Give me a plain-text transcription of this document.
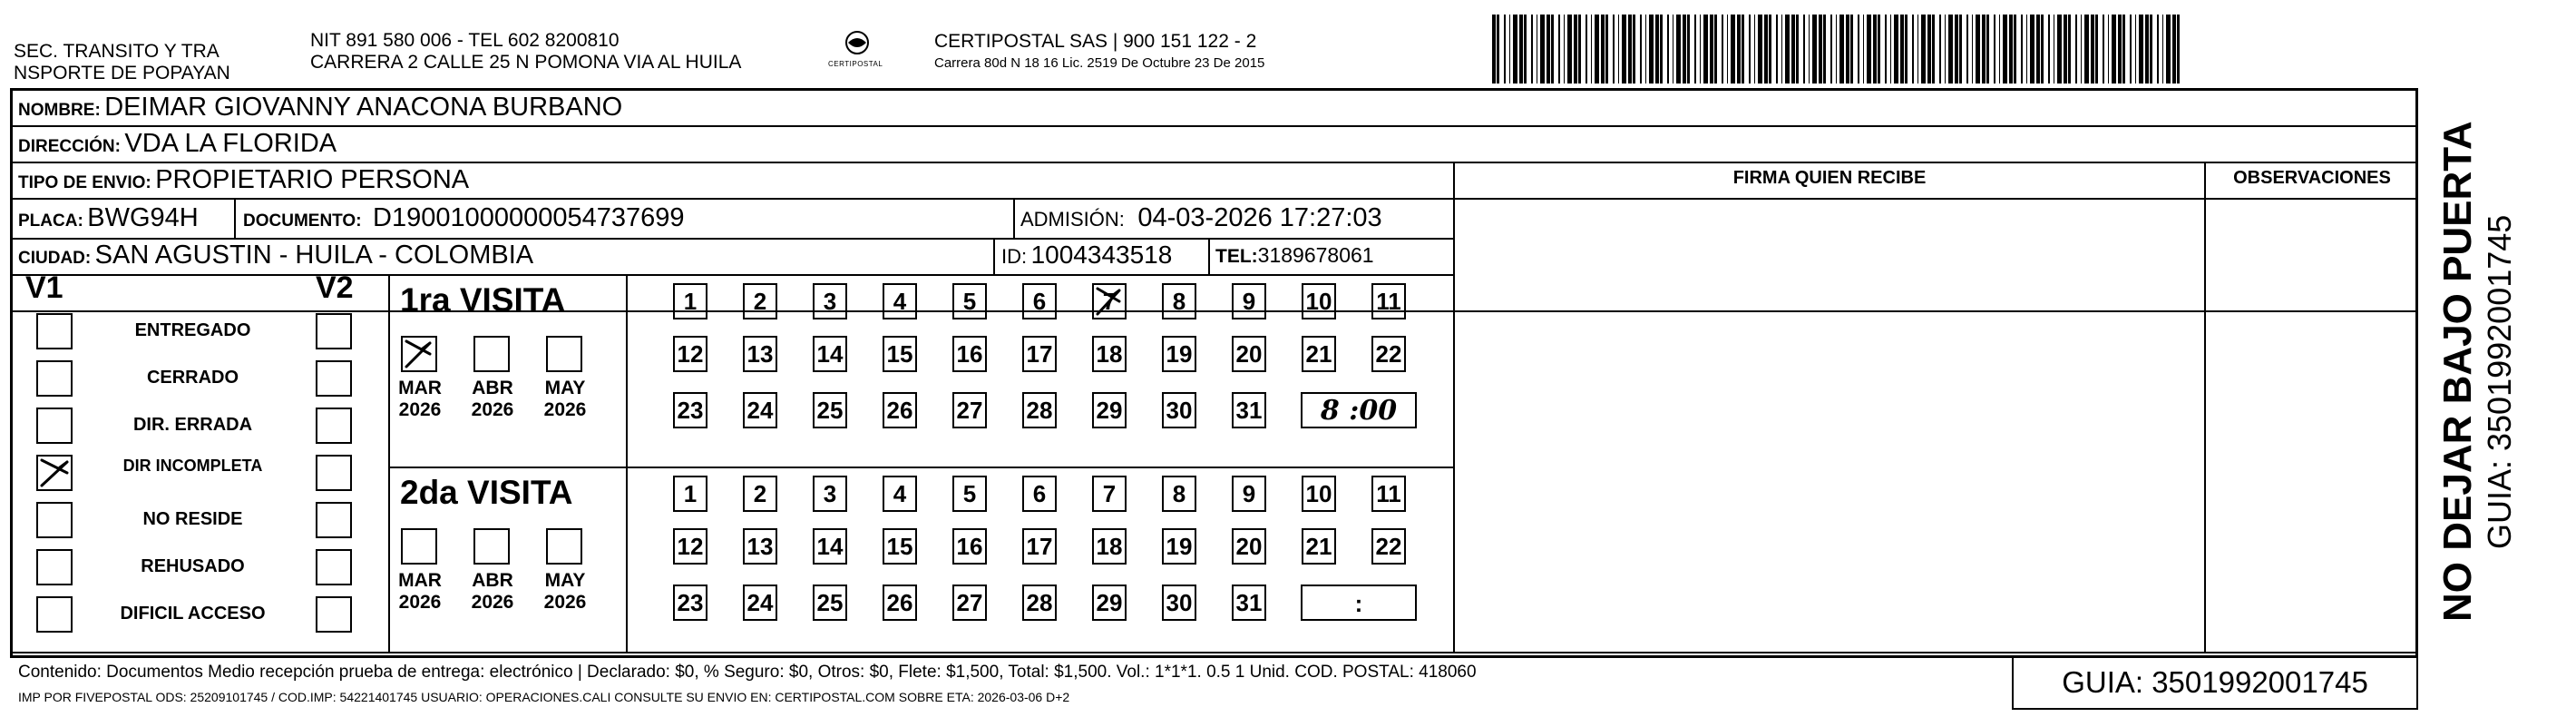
SEC. TRANSITO Y TRA
NSPORTE DE POPAYAN
NIT 891 580 006 - TEL 602 8200810
CARRERA 2 CALLE 25 N POMONA VIA AL HUILA	CERTIPOSTAL
CERTIPOSTAL SAS | 900 151 122 - 2
Carrera 80d N 18 16 Lic. 2519 De Octubre 23 De 2015
NOMBRE: DEIMAR GIOVANNY ANACONA BURBANO
DIRECCIÓN: VDA LA FLORIDA
TIPO DE ENVIO: PROPIETARIO PERSONA
PLACA: BWG94H	DOCUMENTO: D19001000000054737699	ADMISIÓN: 04-03-2026 17:27:03
CIUDAD: SAN AGUSTIN - HUILA - COLOMBIA	ID: 1004343518 TEL:3189678061
FIRMA QUIEN RECIBE	OBSERVACIONES
V1	V2
ENTREGADO
CERRADO
DIR. ERRADA
DIR INCOMPLETA
NO RESIDE
REHUSADO
DIFICIL ACCESO
1ra VISITA
MAR
2026
ABR
2026
MAY
2026
1	2	3	4	5	6	7	8	9	10 11
12 13 14 15 16 17 18 19 20 21 22
23 24 25 26 27 28 29 30 31	8 :00
2da VISITA
MAR
2026
ABR
2026
MAY
2026
1	2	3	4	5	6	7	8	9	10 11
12 13 14 15 16 17 18 19 20 21 22
23 24 25 26 27 28 29 30 31	:	NO DEJAR BAJO PUERTA GUIA: 3501992001745
Contenido: Documentos Medio recepción prueba de entrega: electrónico | Declarado: $0, % Seguro: $0, Otros: $0, Flete: $1,500, Total: $1,500. Vol.: 1*1*1. 0.5 1 Unid. COD. POSTAL: 418060
IMP POR FIVEPOSTAL ODS: 25209101745 / COD.IMP: 54221401745 USUARIO: OPERACIONES.CALI CONSULTE SU ENVIO EN: CERTIPOSTAL.COM SOBRE ETA: 2026-03-06 D+2	GUIA: 3501992001745
